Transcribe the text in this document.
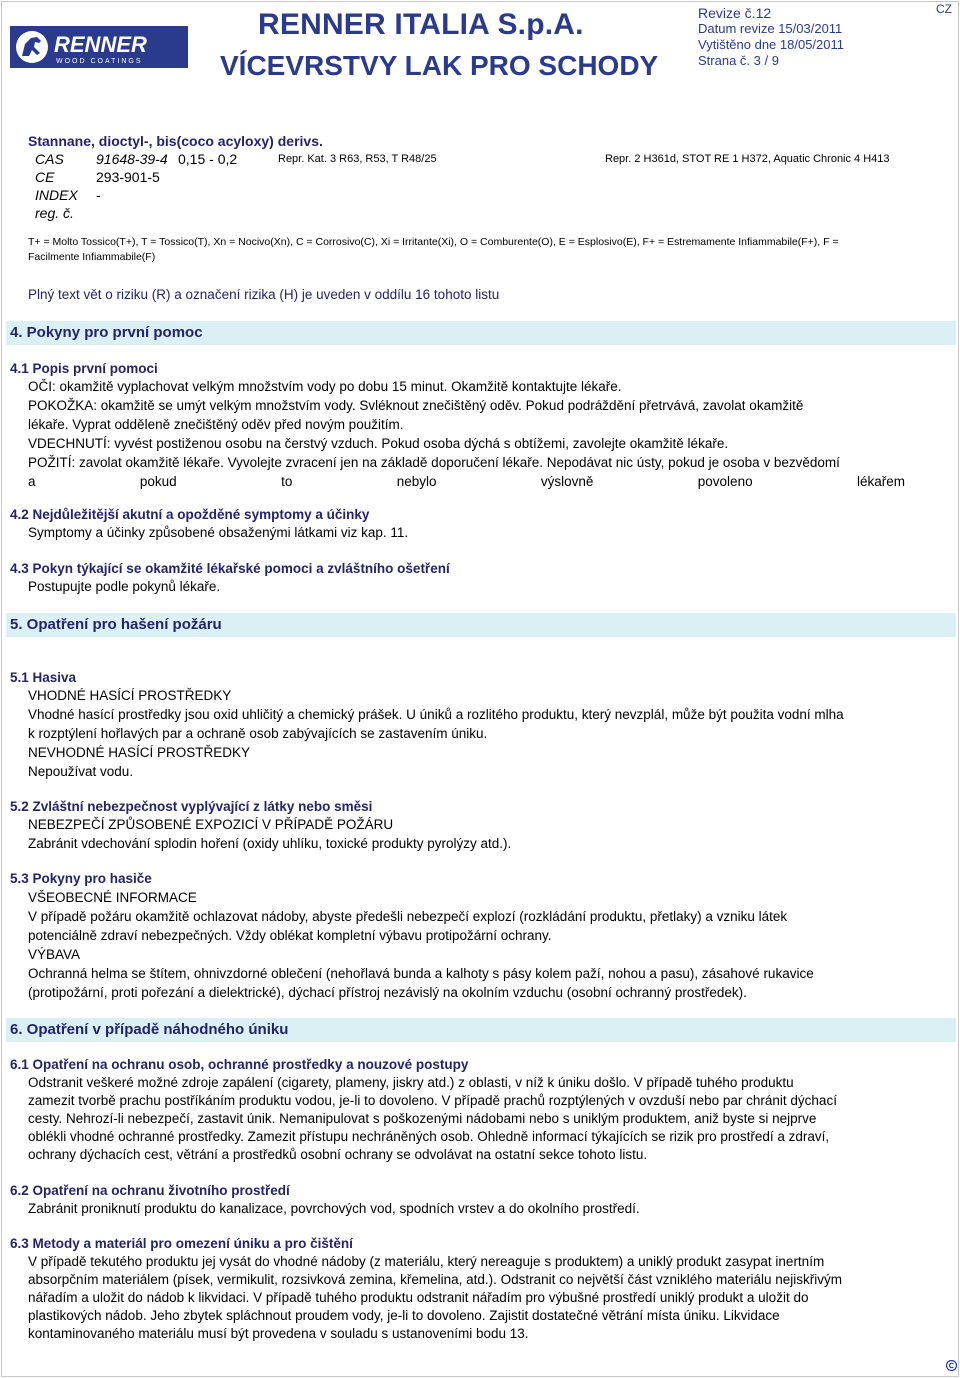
RENNER
WOOD COATINGS
RENNER ITALIA S.p.A.
VÍCEVRSTVY LAK PRO SCHODY
Revize č.12
Datum revize 15/03/2011
Vytištěno dne 18/05/2011
Strana č. 3 / 9
CZ
Stannane, dioctyl-, bis(coco acyloxy) derivs.
CAS 91648-39-4 0,15 - 0,2	Repr. Kat. 3 R63, R53, T R48/25	Repr. 2 H361d, STOT RE 1 H372, Aquatic Chronic 4 H413
CE	293-901-5
INDEX -
reg. č.
T+ = Molto Tossico(T+), T = Tossico(T), Xn = Nocivo(Xn), C = Corrosivo(C), Xi = Irritante(Xi), O = Comburente(O), E = Esplosivo(E), F+ = Estremamente Infiammabile(F+), F =
Facilmente Infiammabile(F)
Plný text vět o riziku (R) a označení rizika (H) je uveden v oddílu 16 tohoto listu
4. Pokyny pro první pomoc
4.1 Popis první pomoci
OČI: okamžitě vyplachovat velkým množstvím vody po dobu 15 minut. Okamžitě kontaktujte lékaře.
POKOŽKA: okamžitě se umýt velkým množstvím vody. Svléknout znečištěný oděv. Pokud podráždění přetrvává, zavolat okamžitě
lékaře. Vyprat odděleně znečištěný oděv před novým použitím.
VDECHNUTÍ: vyvést postiženou osobu na čerstvý vzduch. Pokud osoba dýchá s obtížemi, zavolejte okamžitě lékaře.
POŽITÍ: zavolat okamžitě lékaře. Vyvolejte zvracení jen na základě doporučení lékaře. Nepodávat nic ústy, pokud je osoba v bezvědomí
a	pokud	to	nebylo	výslovně	povoleno	lékařem
4.2 Nejdůležitější akutní a opožděné symptomy a účinky
Symptomy a účinky způsobené obsaženými látkami viz kap. 11.
4.3 Pokyn týkající se okamžité lékařské pomoci a zvláštního ošetření
Postupujte podle pokynů lékaře.
5. Opatření pro hašení požáru
5.1 Hasiva
VHODNÉ HASÍCÍ PROSTŘEDKY
Vhodné hasící prostředky jsou oxid uhličitý a chemický prášek. U úniků a rozlitého produktu, který nevzplál, může být použita vodní mlha
k rozptýlení hořlavých par a ochraně osob zabývajících se zastavením úniku.
NEVHODNÉ HASÍCÍ PROSTŘEDKY
Nepoužívat vodu.
5.2 Zvláštní nebezpečnost vyplývající z látky nebo směsi
NEBEZPEČÍ ZPŮSOBENÉ EXPOZICÍ V PŘÍPADĚ POŽÁRU
Zabránit vdechování splodin hoření (oxidy uhlíku, toxické produkty pyrolýzy atd.).
5.3 Pokyny pro hasiče
VŠEOBECNÉ INFORMACE
V případě požáru okamžitě ochlazovat nádoby, abyste předešli nebezpečí explozí (rozkládání produktu, přetlaky) a vzniku látek
potenciálně zdraví nebezpečných. Vždy oblékat kompletní výbavu protipožární ochrany.
VÝBAVA
Ochranná helma se štítem, ohnivzdorné oblečení (nehořlavá bunda a kalhoty s pásy kolem paží, nohou a pasu), zásahové rukavice
(protipožární, proti pořezání a dielektrické), dýchací přístroj nezávislý na okolním vzduchu (osobní ochranný prostředek).
6. Opatření v případě náhodného úniku
6.1 Opatření na ochranu osob, ochranné prostředky a nouzové postupy
Odstranit veškeré možné zdroje zapálení (cigarety, plameny, jiskry atd.) z oblasti, v níž k úniku došlo. V případě tuhého produktu
zamezit tvorbě prachu postříkáním produktu vodou, je-li to dovoleno. V případě prachů rozptýlených v ovzduší nebo par chránit dýchací
cesty. Nehrozí-li nebezpečí, zastavit únik. Nemanipulovat s poškozenými nádobami nebo s uniklým produktem, aniž byste si nejprve
oblékli vhodné ochranné prostředky. Zamezit přístupu nechráněných osob. Ohledně informací týkajících se rizik pro prostředí a zdraví,
ochrany dýchacích cest, větrání a prostředků osobní ochrany se odvolávat na ostatní sekce tohoto listu.
6.2 Opatření na ochranu životního prostředí
Zabránit proniknutí produktu do kanalizace, povrchových vod, spodních vrstev a do okolního prostředí.
6.3 Metody a materiál pro omezení úniku a pro čištění
V případě tekutého produktu jej vysát do vhodné nádoby (z materiálu, který nereaguje s produktem) a uniklý produkt zasypat inertním
absorpčním materiálem (písek, vermikulit, rozsivková zemina, křemelina, atd.). Odstranit co největší část vzniklého materiálu nejiskřivým
nářadím a uložit do nádob k likvidaci. V případě tuhého produktu odstranit nářadím pro výbušné prostředí uniklý produkt a uložit do
plastikových nádob. Jeho zbytek spláchnout proudem vody, je-li to dovoleno. Zajistit dostatečné větrání místa úniku. Likvidace
kontaminovaného materiálu musí být provedena v souladu s ustanoveními bodu 13.
